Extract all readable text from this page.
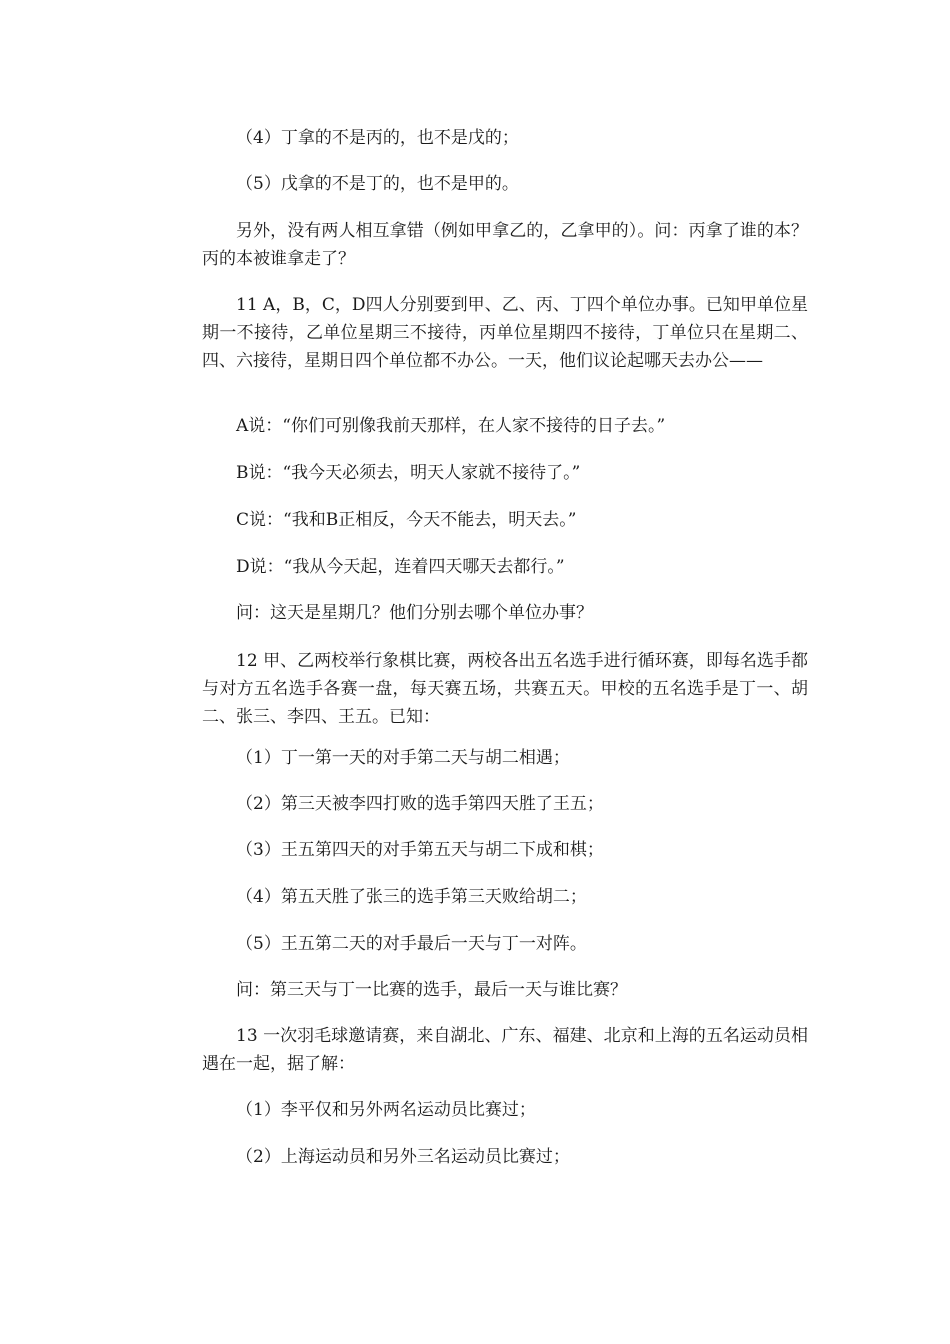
（4）丁拿的不是丙的，也不是戊的；

（5）戊拿的不是丁的，也不是甲的。

另外，没有两人相互拿错（例如甲拿乙的，乙拿甲的）。问：丙拿了谁的本？丙的本被谁拿走了？

11 A，B，C，D四人分别要到甲、乙、丙、丁四个单位办事。已知甲单位星期一不接待，乙单位星期三不接待，丙单位星期四不接待，丁单位只在星期二、四、六接待，星期日四个单位都不办公。一天，他们议论起哪天去办公——

A说：“你们可别像我前天那样，在人家不接待的日子去。”

B说：“我今天必须去，明天人家就不接待了。”

C说：“我和B正相反，今天不能去，明天去。”

D说：“我从今天起，连着四天哪天去都行。”

问：这天是星期几？他们分别去哪个单位办事？

12 甲、乙两校举行象棋比赛，两校各出五名选手进行循环赛，即每名选手都与对方五名选手各赛一盘，每天赛五场，共赛五天。甲校的五名选手是丁一、胡二、张三、李四、王五。已知：

（1）丁一第一天的对手第二天与胡二相遇；

（2）第三天被李四打败的选手第四天胜了王五；

（3）王五第四天的对手第五天与胡二下成和棋；

（4）第五天胜了张三的选手第三天败给胡二；

（5）王五第二天的对手最后一天与丁一对阵。

问：第三天与丁一比赛的选手，最后一天与谁比赛？

13 一次羽毛球邀请赛，来自湖北、广东、福建、北京和上海的五名运动员相遇在一起，据了解：

（1）李平仅和另外两名运动员比赛过；

（2）上海运动员和另外三名运动员比赛过；
